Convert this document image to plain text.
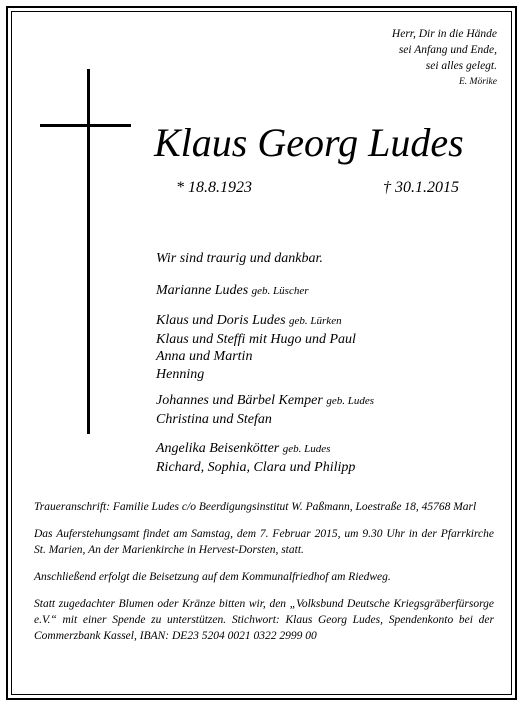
Herr, Dir in die Hände
sei Anfang und Ende,
sei alles gelegt.
E. Mörike
Klaus Georg Ludes
* 18.8.1923	† 30.1.2015
Wir sind traurig und dankbar.
Marianne Ludes geb. Lüscher
Klaus und Doris Ludes geb. Lürken
Klaus und Steffi mit Hugo und Paul
Anna und Martin
Henning
Johannes und Bärbel Kemper geb. Ludes
Christina und Stefan
Angelika Beisenkötter geb. Ludes
Richard, Sophia, Clara und Philipp

Traueranschrift: Familie Ludes c/o Beerdigungsinstitut W. Paßmann, Loestraße 18, 45768 Marl

Das Auferstehungsamt findet am Samstag, dem 7. Februar 2015, um 9.30 Uhr in der Pfarrkirche St. Marien, An der Marienkirche in Hervest-Dorsten, statt.

Anschließend erfolgt die Beisetzung auf dem Kommunalfriedhof am Riedweg.

Statt zugedachter Blumen oder Kränze bitten wir, den „Volksbund Deutsche Kriegsgräberfürsorge e.V.“ mit einer Spende zu unterstützen. Stichwort: Klaus Georg Ludes, Spendenkonto bei der Commerzbank Kassel, IBAN: DE23 5204 0021 0322 2999 00
